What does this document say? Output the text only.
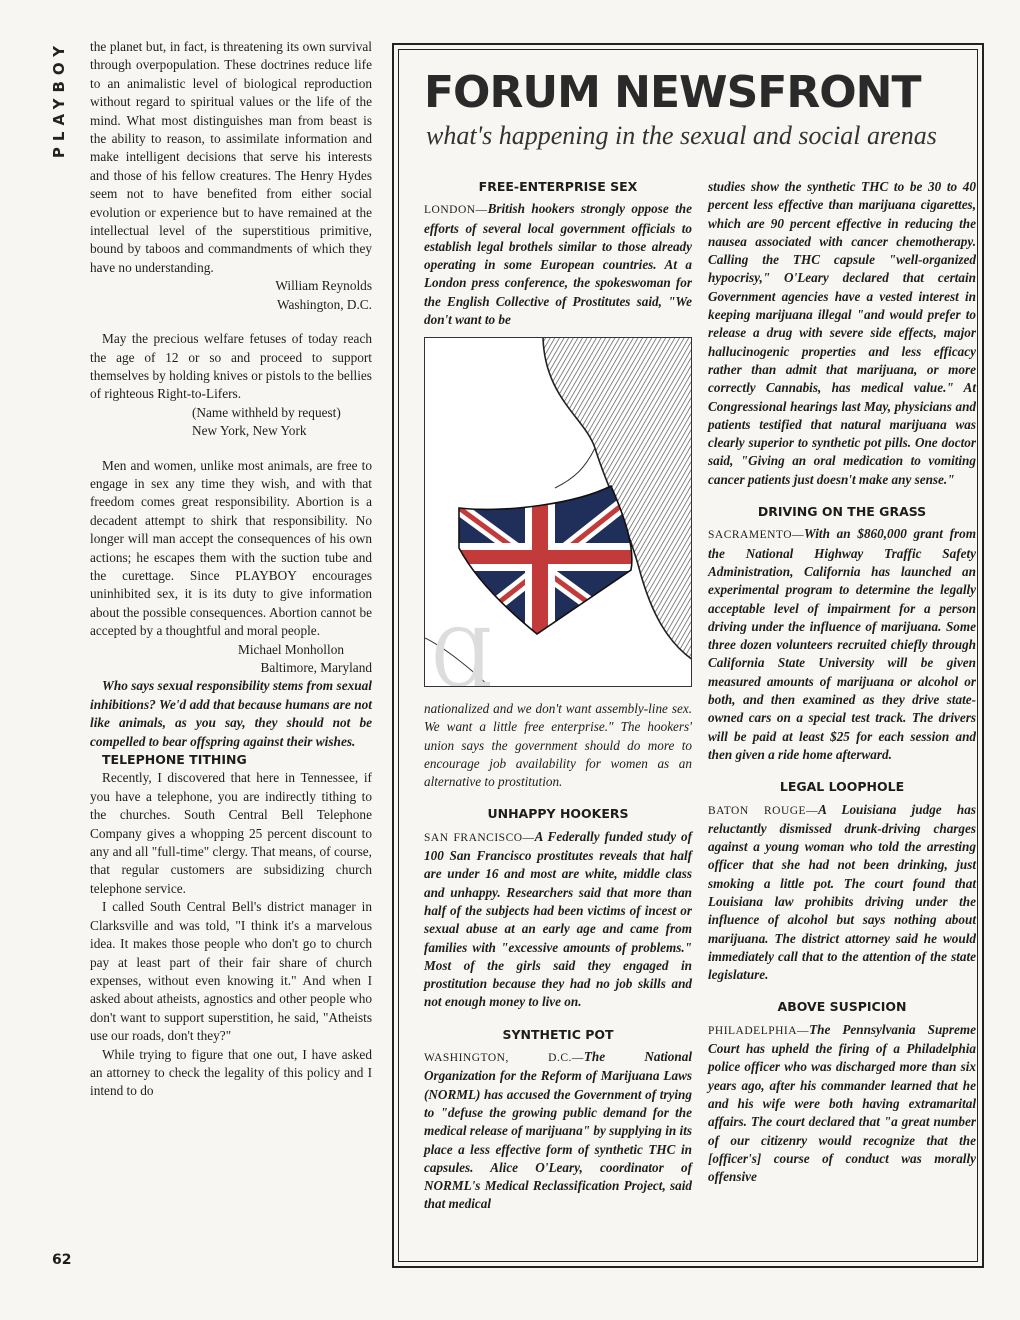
PLAYBOY
62

the planet but, in fact, is threatening its own survival through overpopulation. These doctrines reduce life to an animalistic level of biological reproduction without regard to spiritual values or the life of the mind. What most distinguishes man from beast is the ability to reason, to assimilate information and make intelligent decisions that serve his interests and those of his fellow creatures. The Henry Hydes seem not to have benefited from either social evolution or experience but to have remained at the intellectual level of the superstitious primitive, bound by taboos and commandments of which they have no understanding.

William Reynolds

Washington, D.C.

May the precious welfare fetuses of today reach the age of 12 or so and proceed to support themselves by holding knives or pistols to the bellies of righteous Right-to-Lifers.

(Name withheld by request)

New York, New York

Men and women, unlike most animals, are free to engage in sex any time they wish, and with that freedom comes great responsibility. Abortion is a decadent attempt to shirk that responsibility. No longer will man accept the consequences of his own actions; he escapes them with the suction tube and the curettage. Since PLAYBOY encourages uninhibited sex, it is its duty to give information about the possible consequences. Abortion cannot be accepted by a thoughtful and moral people.

Michael Monhollon

Baltimore, Maryland

Who says sexual responsibility stems from sexual inhibitions? We'd add that because humans are not like animals, as you say, they should not be compelled to bear offspring against their wishes.

TELEPHONE TITHING

Recently, I discovered that here in Tennessee, if you have a telephone, you are indirectly tithing to the churches. South Central Bell Telephone Company gives a whopping 25 percent discount to any and all "full-time" clergy. That means, of course, that regular customers are subsidizing church telephone service.

I called South Central Bell's district manager in Clarksville and was told, "I think it's a marvelous idea. It makes those people who don't go to church pay at least part of their fair share of church expenses, without even knowing it." And when I asked about atheists, agnostics and other people who don't want to support superstition, he said, "Atheists use our roads, don't they?"

While trying to figure that one out, I have asked an attorney to check the legality of this policy and I intend to do

FORUM NEWSFRONT
what's happening in the sexual and social arenas

FREE-ENTERPRISE SEX

LONDON—British hookers strongly oppose the efforts of several local government officials to establish legal brothels similar to those already operating in some European countries. At a London press conference, the spokeswoman for the English Collective of Prostitutes said, "We don't want to be

Ɑ

nationalized and we don't want assembly-line sex. We want a little free enterprise." The hookers' union says the government should do more to encourage job availability for women as an alternative to prostitution.

UNHAPPY HOOKERS

SAN FRANCISCO—A Federally funded study of 100 San Francisco prostitutes reveals that half are under 16 and most are white, middle class and unhappy. Researchers said that more than half of the subjects had been victims of incest or sexual abuse at an early age and came from families with "excessive amounts of problems." Most of the girls said they engaged in prostitution because they had no job skills and not enough money to live on.

SYNTHETIC POT

WASHINGTON, D.C.—The National Organization for the Reform of Marijuana Laws (NORML) has accused the Government of trying to "defuse the growing public demand for the medical release of marijuana" by supplying in its place a less effective form of synthetic THC in capsules. Alice O'Leary, coordinator of NORML's Medical Reclassification Project, said that medical

studies show the synthetic THC to be 30 to 40 percent less effective than marijuana cigarettes, which are 90 percent effective in reducing the nausea associated with cancer chemotherapy. Calling the THC capsule "well-organized hypocrisy," O'Leary declared that certain Government agencies have a vested interest in keeping marijuana illegal "and would prefer to release a drug with severe side effects, major hallucinogenic properties and less efficacy rather than admit that marijuana, or more correctly Cannabis, has medical value." At Congressional hearings last May, physicians and patients testified that natural marijuana was clearly superior to synthetic pot pills. One doctor said, "Giving an oral medication to vomiting cancer patients just doesn't make any sense."

DRIVING ON THE GRASS

SACRAMENTO—With an $860,000 grant from the National Highway Traffic Safety Administration, California has launched an experimental program to determine the legally acceptable level of impairment for a person driving under the influence of marijuana. Some three dozen volunteers recruited chiefly through California State University will be given measured amounts of marijuana or alcohol or both, and then examined as they drive state-owned cars on a special test track. The drivers will be paid at least $25 for each session and then given a ride home afterward.

LEGAL LOOPHOLE

BATON ROUGE—A Louisiana judge has reluctantly dismissed drunk-driving charges against a young woman who told the arresting officer that she had not been drinking, just smoking a little pot. The court found that Louisiana law prohibits driving under the influence of alcohol but says nothing about marijuana. The district attorney said he would immediately call that to the attention of the state legislature.

ABOVE SUSPICION

PHILADELPHIA—The Pennsylvania Supreme Court has upheld the firing of a Philadelphia police officer who was discharged more than six years ago, after his commander learned that he and his wife were both having extramarital affairs. The court declared that "a great number of our citizenry would recognize that the [officer's] course of conduct was morally offensive
